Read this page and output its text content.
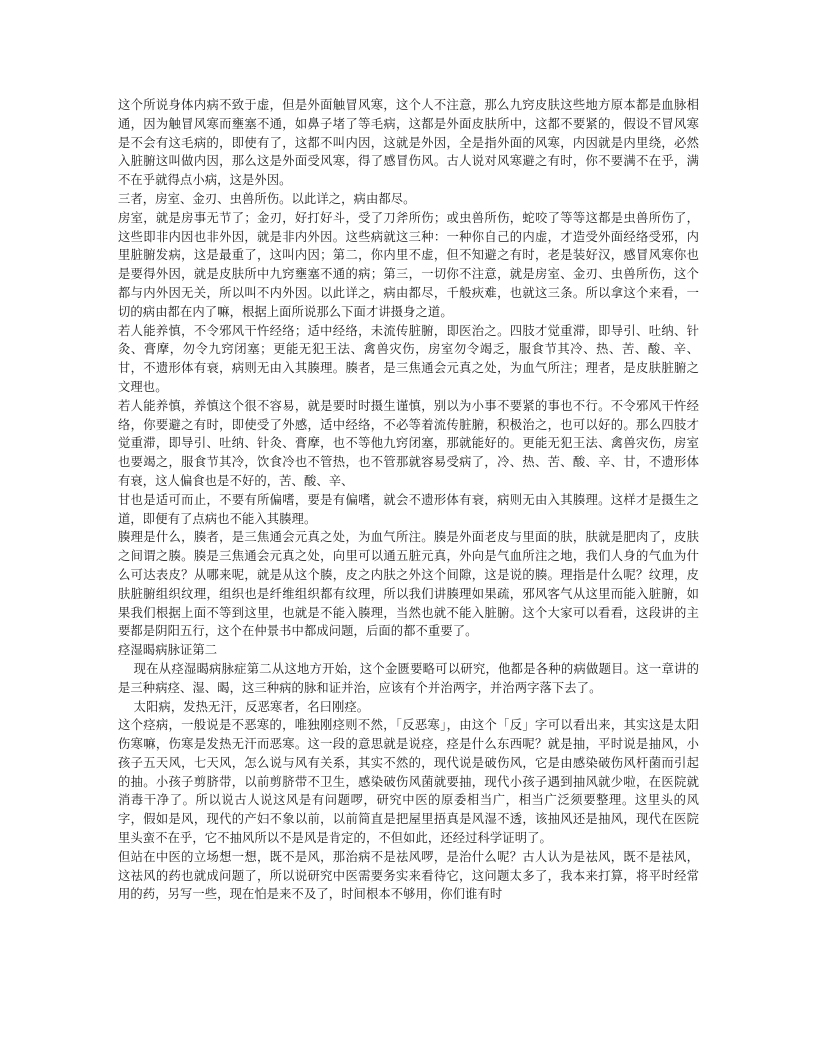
这个所说身体内病不致于虚，但是外面触冒风寒，这个人不注意，那么九窍皮肤这些地方原本都是血脉相通，因为触冒风寒而壅塞不通，如鼻子堵了等毛病，这都是外面皮肤所中，这都不要紧的，假设不冒风寒是不会有这毛病的，即使有了，这都不叫内因，这就是外因，全是指外面的风寒，内因就是内里绕，必然入脏腑这叫做内因，那么这是外面受风寒，得了感冒伤风。古人说对风寒避之有时，你不要满不在乎，满不在乎就得点小病，这是外因。

三者，房室、金刃、虫兽所伤。以此详之，病由都尽。

房室，就是房事无节了；金刃，好打好斗，受了刀斧所伤；或虫兽所伤，蛇咬了等等这都是虫兽所伤了，这些即非内因也非外因，就是非内外因。这些病就这三种：一种你自己的内虚，才造受外面经络受邪，内里脏腑发病，这是最重了，这叫内因；第二，你内里不虚，但不知避之有时，老是装好汉，感冒风寒你也是要得外因，就是皮肤所中九窍壅塞不通的病；第三，一切你不注意，就是房室、金刃、虫兽所伤，这个都与内外因无关，所以叫不内外因。以此详之，病由都尽，千般疢难，也就这三条。所以拿这个来看，一切的病由都在内了嘛，根据上面所说那么下面才讲摄身之道。

若人能养慎，不令邪风干忤经络；适中经络，未流传脏腑，即医治之。四肢才觉重滞，即导引、吐纳、针灸、膏摩，勿令九窍闭塞；更能无犯王法、禽兽灾伤，房室勿令竭乏，服食节其冷、热、苦、酸、辛、甘，不遗形体有衰，病则无由入其腠理。腠者，是三焦通会元真之处，为血气所注；理者，是皮肤脏腑之文理也。

若人能养慎，养慎这个很不容易，就是要时时摄生谨慎，别以为小事不要紧的事也不行。不令邪风干忤经络，你要避之有时，即使受了外感，适中经络，不必等着流传脏腑，积极治之，也可以好的。那么四肢才觉重滞，即导引、吐纳、针灸、膏摩，也不等他九窍闭塞，那就能好的。更能无犯王法、禽兽灾伤，房室也要竭之，服食节其冷，饮食冷也不管热，也不管那就容易受病了，冷、热、苦、酸、辛、甘，不遗形体有衰，这人偏食也是不好的，苦、酸、辛、

甘也是适可而止，不要有所偏嗜，要是有偏嗜，就会不遗形体有衰，病则无由入其腠理。这样才是摄生之道，即便有了点病也不能入其腠理。

腠理是什么，腠者，是三焦通会元真之处，为血气所注。腠是外面老皮与里面的肤，肤就是肥肉了，皮肤之间谓之腠。腠是三焦通会元真之处，向里可以通五脏元真，外向是气血所注之地，我们人身的气血为什么可达表皮？从哪来呢，就是从这个腠，皮之内肤之外这个间隙，这是说的腠。理指是什么呢？纹理，皮肤脏腑组织纹理，组织也是纤维组织都有纹理，所以我们讲腠理如果疏，邪风客气从这里而能入脏腑，如果我们根据上面不等到这里，也就是不能入腠理，当然也就不能入脏腑。这个大家可以看看，这段讲的主要都是阴阳五行，这个在仲景书中都成问题，后面的都不重要了。

痉湿暍病脉证第二

现在从痉湿暍病脉症第二从这地方开始，这个金匮要略可以研究，他都是各种的病做题目。这一章讲的是三种病痉、湿、暍，这三种病的脉和证并治，应该有个并治两字，并治两字落下去了。

太阳病，发热无汗，反恶寒者，名曰刚痉。

这个痉病，一般说是不恶寒的，唯独刚痉则不然，「反恶寒」，由这个「反」字可以看出来，其实这是太阳伤寒嘛，伤寒是发热无汗而恶寒。这一段的意思就是说痉，痉是什么东西呢？就是抽，平时说是抽风，小孩子五天风，七天风，怎么说与风有关系，其实不然的，现代说是破伤风，它是由感染破伤风杆菌而引起的抽。小孩子剪脐带，以前剪脐带不卫生，感染破伤风菌就要抽，现代小孩子遇到抽风就少啦，在医院就消毒干净了。所以说古人说这风是有问题啰，研究中医的原委相当广，相当广泛须要整理。这里头的风字，假如是风，现代的产妇不象以前，以前简直是把屋里捂真是风湿不透，该抽风还是抽风，现代在医院里头蛮不在乎，它不抽风所以不是风是肯定的，不但如此，还经过科学证明了。

但站在中医的立场想一想，既不是风，那治病不是祛风啰，是治什么呢？古人认为是祛风，既不是祛风，这祛风的药也就成问题了，所以说研究中医需要务实来看待它，这问题太多了，我本来打算，将平时经常用的药，另写一些，现在怕是来不及了，时间根本不够用，你们谁有时
